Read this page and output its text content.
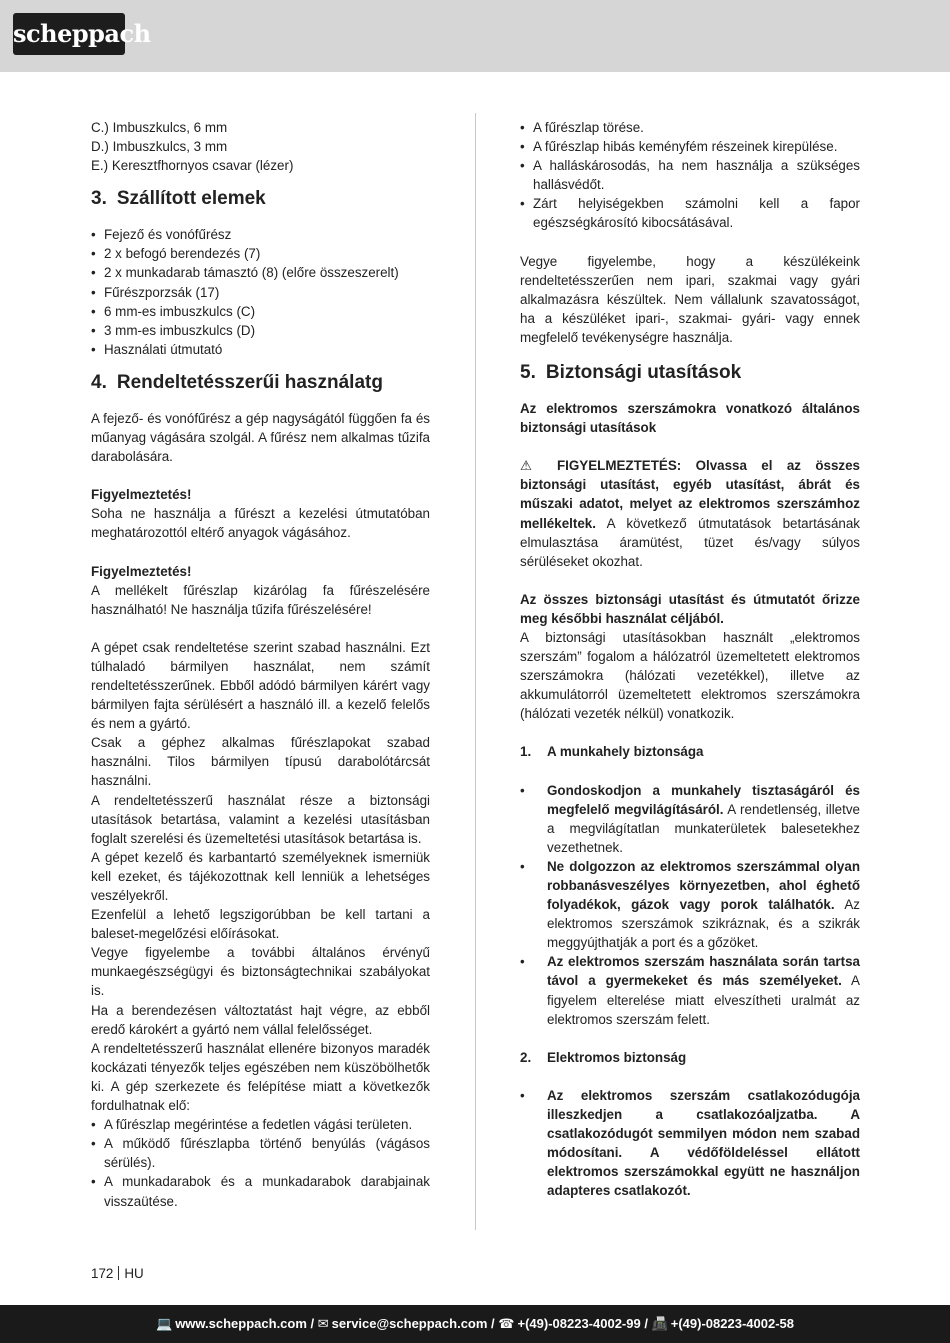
scheppach

C.) Imbuszkulcs, 6 mm

D.) Imbuszkulcs, 3 mm

E.) Keresztfhornyos csavar (lézer)

3. Szállított elemek
• Fejező és vonófűrész
• 2 x befogó berendezés (7)
• 2 x munkadarab támasztó (8) (előre összeszerelt)
• Fűrészporzsák (17)
• 6 mm-es imbuszkulcs (C)
• 3 mm-es imbuszkulcs (D)
• Használati útmutató
4. Rendeltetésszerűi használatg

A fejező- és vonófűrész a gép nagyságától függően fa és műanyag vágására szolgál. A fűrész nem alkalmas tűzifa darabolására.

Figyelmeztetés!

Soha ne használja a fűrészt a kezelési útmutatóban meghatározottól eltérő anyagok vágásához.

Figyelmeztetés!

A mellékelt fűrészlap kizárólag fa fűrészelésére használható! Ne használja tűzifa fűrészelésére!

A gépet csak rendeltetése szerint szabad használni. Ezt túlhaladó bármilyen használat, nem számít rendeltetésszerűnek. Ebből adódó bármilyen kárért vagy bármilyen fajta sérülésért a használó ill. a kezelő felelős és nem a gyártó.

Csak a géphez alkalmas fűrészlapokat szabad használni. Tilos bármilyen típusú darabolótárcsát használni.

A rendeltetésszerű használat része a biztonsági utasítások betartása, valamint a kezelési utasításban foglalt szerelési és üzemeltetési utasítások betartása is.

A gépet kezelő és karbantartó személyeknek ismerniük kell ezeket, és tájékozottnak kell lenniük a lehetséges veszélyekről.

Ezenfelül a lehető legszigorúbban be kell tartani a baleset-megelőzési előírásokat.

Vegye figyelembe a további általános érvényű munkaegészségügyi és biztonságtechnikai szabályokat is.

Ha a berendezésen változtatást hajt végre, az ebből eredő károkért a gyártó nem vállal felelősséget.

A rendeltetésszerű használat ellenére bizonyos maradék kockázati tényezők teljes egészében nem küszöbölhetők ki. A gép szerkezete és felépítése miatt a következők fordulhatnak elő:

• A fűrészlap megérintése a fedetlen vágási területen.
• A működő fűrészlapba történő benyúlás (vágásos sérülés).
• A munkadarabok és a munkadarabok darabjainak visszaütése.
• A fűrészlap törése.
• A fűrészlap hibás keményfém részeinek kirepülése.
• A halláskárosodás, ha nem használja a szükséges hallásvédőt.
• Zárt helyiségekben számolni kell a fapor egészségkárosító kibocsátásával.

Vegye figyelembe, hogy a készülékeink rendeltetésszerűen nem ipari, szakmai vagy gyári alkalmazásra készültek. Nem vállalunk szavatosságot, ha a készüléket ipari-, szakmai- gyári- vagy ennek megfelelő tevékenységre használja.

5. Biztonsági utasítások

Az elektromos szerszámokra vonatkozó általános biztonsági utasítások

⚠ FIGYELMEZTETÉS: Olvassa el az összes biztonsági utasítást, egyéb utasítást, ábrát és műszaki adatot, melyet az elektromos szerszámhoz mellékeltek. A következő útmutatások betartásának elmulasztása áramütést, tüzet és/vagy súlyos sérüléseket okozhat.

Az összes biztonsági utasítást és útmutatót őrizze meg későbbi használat céljából.

A biztonsági utasításokban használt „elektromos szerszám” fogalom a hálózatról üzemeltetett elektromos szerszámokra (hálózati vezetékkel), illetve az akkumulátorról üzemeltetett elektromos szerszámokra (hálózati vezeték nélkül) vonatkozik.

1.	A munkahely biztonsága
•	Gondoskodjon a munkahely tisztaságáról és megfelelő megvilágításáról. A rendetlenség, illetve a megvilágítatlan munkaterületek balesetekhez vezethetnek.
•	Ne dolgozzon az elektromos szerszámmal olyan robbanásveszélyes környezetben, ahol éghető folyadékok, gázok vagy porok találhatók. Az elektromos szerszámok szikráznak, és a szikrák meggyújthatják a port és a gőzöket.
•	Az elektromos szerszám használata során tartsa távol a gyermekeket és más személyeket. A figyelem elterelése miatt elveszítheti uralmát az elektromos szerszám felett.
2.	Elektromos biztonság
•	Az elektromos szerszám csatlakozódugója illeszkedjen a csatlakozóaljzatba. A csatlakozódugót semmilyen módon nem szabad módosítani. A védőföldeléssel ellátott elektromos szerszámokkal együtt ne használjon adapteres csatlakozót.
172 HU
💻 www.scheppach.com / ✉ service@scheppach.com / ☎ +(49)-08223-4002-99 / 📠 +(49)-08223-4002-58
